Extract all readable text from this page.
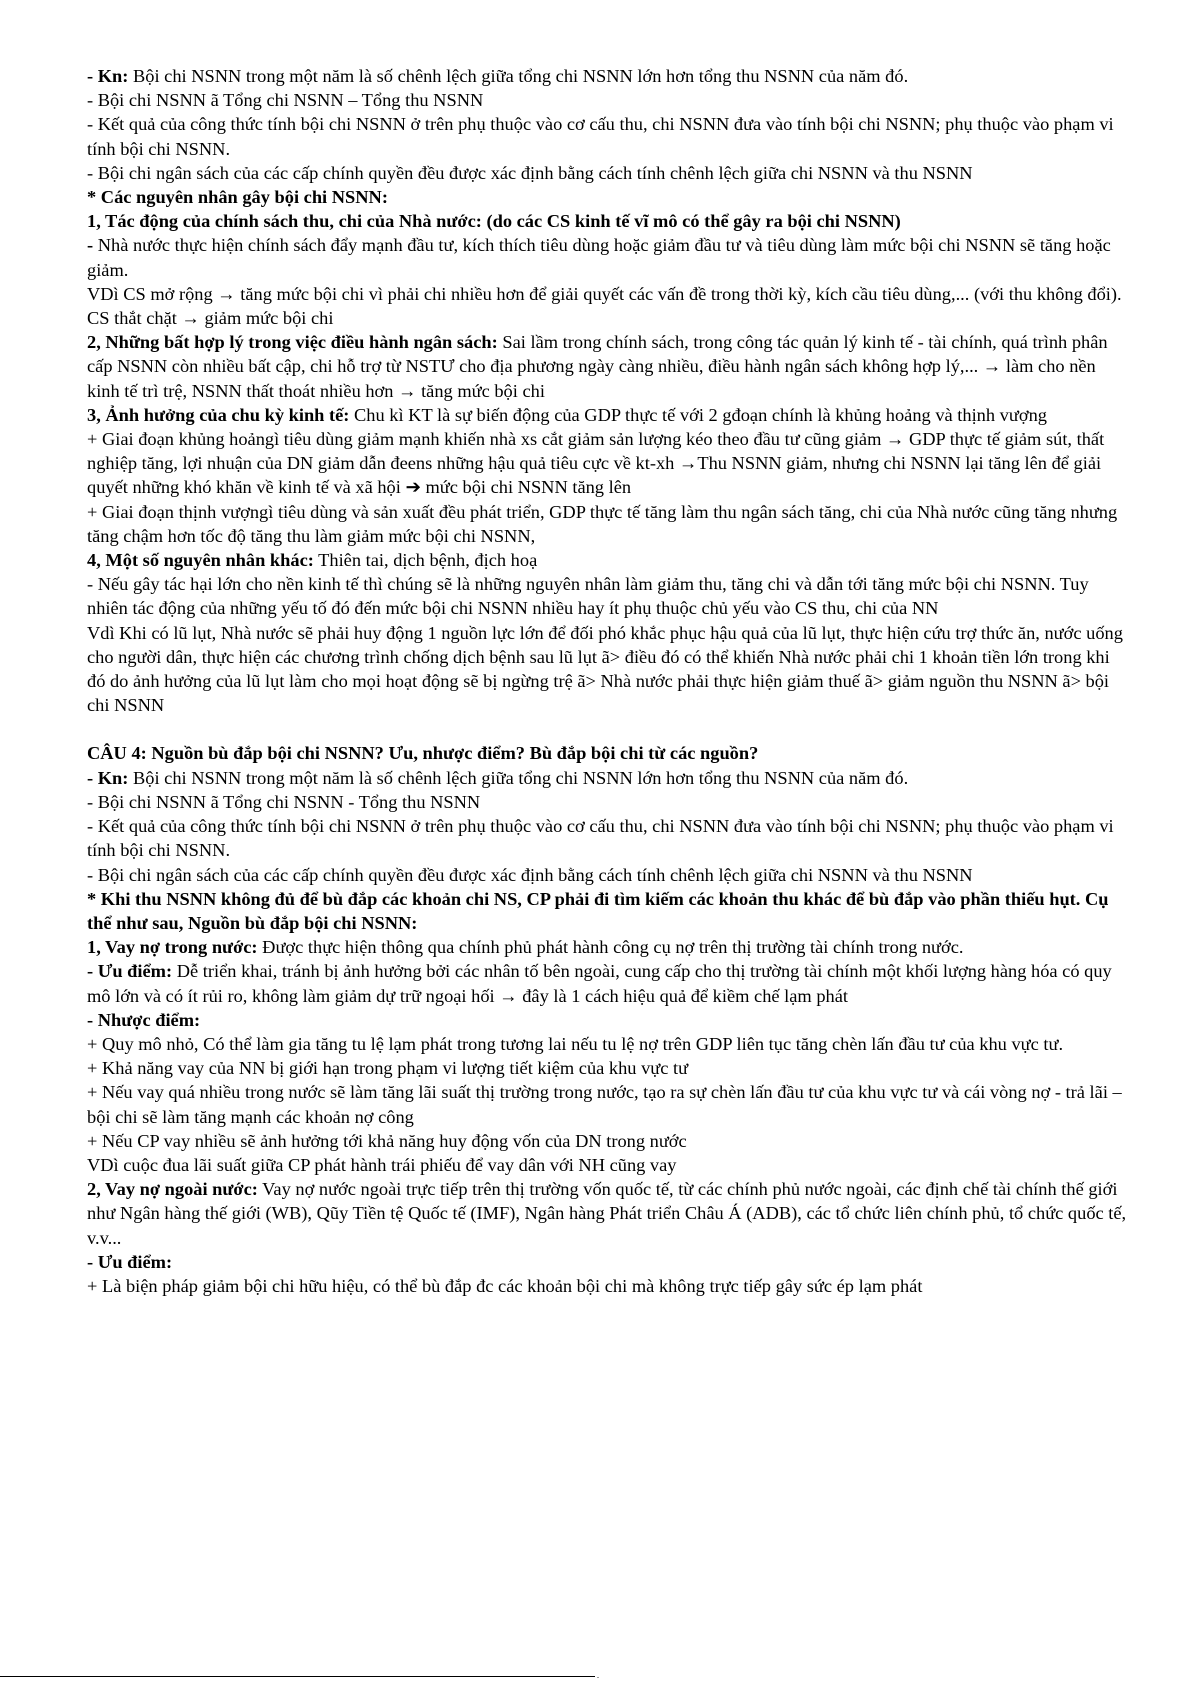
- Kn: Bội chi NSNN trong một năm là số chênh lệch giữa tổng chi NSNN lớn hơn tổng thu NSNN của năm đó.

- Bội chi NSNN ã Tổng chi NSNN – Tổng thu NSNN

- Kết quả của công thức tính bội chi NSNN ở trên phụ thuộc vào cơ cấu thu, chi NSNN đưa vào tính bội chi NSNN; phụ thuộc vào phạm vi tính bội chi NSNN.

- Bội chi ngân sách của các cấp chính quyền đều được xác định bằng cách tính chênh lệch giữa chi NSNN và thu NSNN

* Các nguyên nhân gây bội chi NSNN:

1, Tác động của chính sách thu, chi của Nhà nước: (do các CS kinh tế vĩ mô có thể gây ra bội chi NSNN)

- Nhà nước thực hiện chính sách đẩy mạnh đầu tư, kích thích tiêu dùng hoặc giảm đầu tư và tiêu dùng làm mức bội chi NSNN sẽ tăng hoặc giảm.

VDì CS mở rộng → tăng mức bội chi vì phải chi nhiều hơn để giải quyết các vấn đề trong thời kỳ, kích cầu tiêu dùng,... (với thu không đổi). CS thắt chặt → giảm mức bội chi

2, Những bất hợp lý trong việc điều hành ngân sách: Sai lầm trong chính sách, trong công tác quản lý kinh tế - tài chính, quá trình phân cấp NSNN còn nhiều bất cập, chi hỗ trợ từ NSTƯ cho địa phương ngày càng nhiều, điều hành ngân sách không hợp lý,... → làm cho nền kinh tế trì trệ, NSNN thất thoát nhiều hơn → tăng mức bội chi

3, Ảnh hưởng của chu kỳ kinh tế: Chu kì KT là sự biến động của GDP thực tế với 2 gđoạn chính là khủng hoảng và thịnh vượng

+ Giai đoạn khủng hoảngì tiêu dùng giảm mạnh khiến nhà xs cắt giảm sản lượng kéo theo đầu tư cũng giảm → GDP thực tế giảm sút, thất nghiệp tăng, lợi nhuận của DN giảm dẫn đeens những hậu quả tiêu cực về kt-xh →Thu NSNN giảm, nhưng chi NSNN lại tăng lên để giải quyết những khó khăn về kinh tế và xã hội ➔ mức bội chi NSNN tăng lên

+ Giai đoạn thịnh vượngì tiêu dùng và sản xuất đều phát triển, GDP thực tế tăng làm thu ngân sách tăng, chi của Nhà nước cũng tăng nhưng tăng chậm hơn tốc độ tăng thu làm giảm mức bội chi NSNN,

4, Một số nguyên nhân khác: Thiên tai, dịch bệnh, địch hoạ

- Nếu gây tác hại lớn cho nền kinh tế thì chúng sẽ là những nguyên nhân làm giảm thu, tăng chi và dẫn tới tăng mức bội chi NSNN. Tuy nhiên tác động của những yếu tố đó đến mức bội chi NSNN nhiều hay ít phụ thuộc chủ yếu vào CS thu, chi của NN

Vdì Khi có lũ lụt, Nhà nước sẽ phải huy động 1 nguồn lực lớn để đối phó khắc phục hậu quả của lũ lụt, thực hiện cứu trợ thức ăn, nước uống cho người dân, thực hiện các chương trình chống dịch bệnh sau lũ lụt ã> điều đó có thể khiến Nhà nước phải chi 1 khoản tiền lớn trong khi đó do ảnh hưởng của lũ lụt làm cho mọi hoạt động sẽ bị ngừng trệ ã> Nhà nước phải thực hiện giảm thuế ã> giảm nguồn thu NSNN ã> bội chi NSNN

CÂU 4: Nguồn bù đắp bội chi NSNN? Ưu, nhược điểm? Bù đắp bội chi từ các nguồn?

- Kn: Bội chi NSNN trong một năm là số chênh lệch giữa tổng chi NSNN lớn hơn tổng thu NSNN của năm đó.

- Bội chi NSNN ã Tổng chi NSNN - Tổng thu NSNN

- Kết quả của công thức tính bội chi NSNN ở trên phụ thuộc vào cơ cấu thu, chi NSNN đưa vào tính bội chi NSNN; phụ thuộc vào phạm vi tính bội chi NSNN.

- Bội chi ngân sách của các cấp chính quyền đều được xác định bằng cách tính chênh lệch giữa chi NSNN và thu NSNN

* Khi thu NSNN không đủ để bù đắp các khoản chi NS, CP phải đi tìm kiếm các khoản thu khác để bù đắp vào phần thiếu hụt. Cụ thể như sau, Nguồn bù đắp bội chi NSNN:

1, Vay nợ trong nước: Được thực hiện thông qua chính phủ phát hành công cụ nợ trên thị trường tài chính trong nước.

- Ưu điểm: Dễ triển khai, tránh bị ảnh hưởng bởi các nhân tố bên ngoài, cung cấp cho thị trường tài chính một khối lượng hàng hóa có quy mô lớn và có ít rủi ro, không làm giảm dự trữ ngoại hối → đây là 1 cách hiệu quả để kiềm chế lạm phát

- Nhược điểm:

+ Quy mô nhỏ, Có thể làm gia tăng tu lệ lạm phát trong tương lai nếu tu lệ nợ trên GDP liên tục tăng chèn lấn đầu tư của khu vực tư.

+ Khả năng vay của NN bị giới hạn trong phạm vi lượng tiết kiệm của khu vực tư

+ Nếu vay quá nhiều trong nước sẽ làm tăng lãi suất thị trường trong nước, tạo ra sự chèn lấn đầu tư của khu vực tư và cái vòng nợ - trả lãi – bội chi sẽ làm tăng mạnh các khoản nợ công

+ Nếu CP vay nhiều sẽ ảnh hưởng tới khả năng huy động vốn của DN trong nước

VDì cuộc đua lãi suất giữa CP phát hành trái phiếu để vay dân với NH cũng vay

2, Vay nợ ngoài nước: Vay nợ nước ngoài trực tiếp trên thị trường vốn quốc tế, từ các chính phủ nước ngoài, các định chế tài chính thế giới như Ngân hàng thế giới (WB), Qũy Tiền tệ Quốc tế (IMF), Ngân hàng Phát triển Châu Á (ADB), các tổ chức liên chính phủ, tổ chức quốc tế, v.v...

- Ưu điểm:

+ Là biện pháp giảm bội chi hữu hiệu, có thể bù đắp đc các khoản bội chi mà không trực tiếp gây sức ép lạm phát

.
